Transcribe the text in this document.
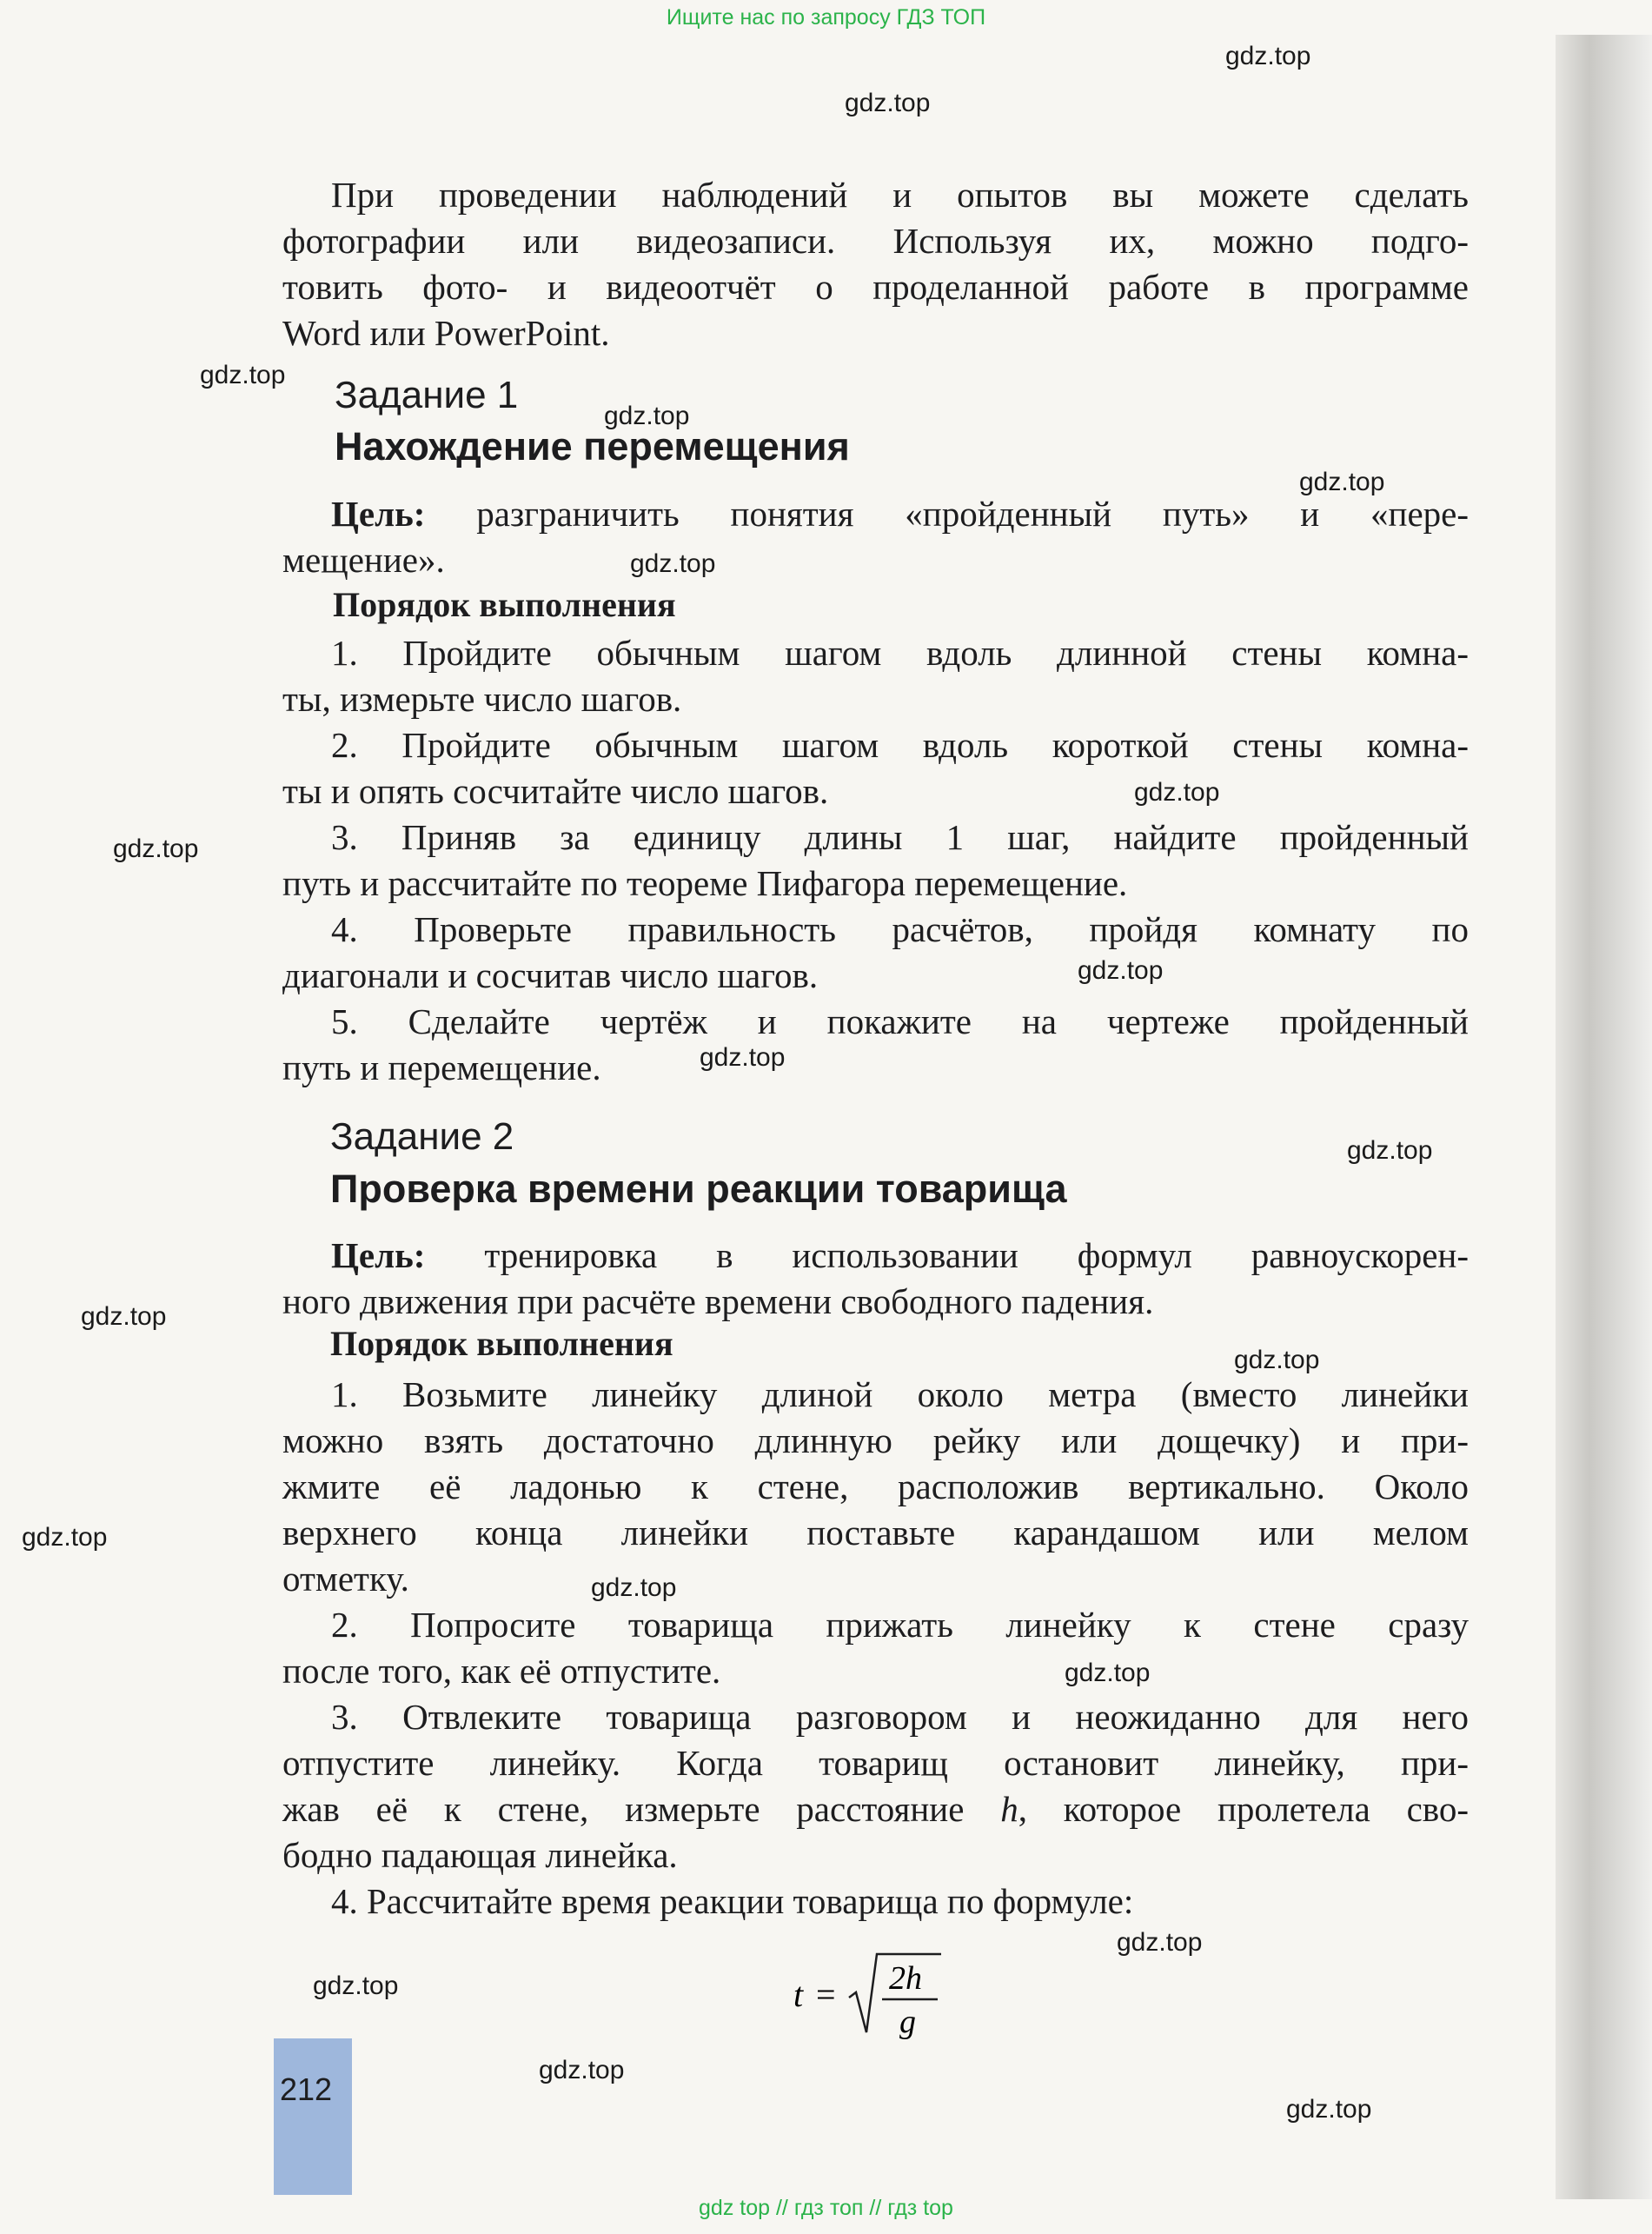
Ищите нас по запросу ГДЗ ТОП
gdz.top
gdz.top
gdz.top
gdz.top
gdz.top
gdz.top
gdz.top
gdz.top
gdz.top
gdz.top
gdz.top
gdz.top
gdz.top
gdz.top
gdz.top
gdz.top
gdz.top
gdz.top
gdz.top
gdz.top
При проведении наблюдений и опытов вы можете сделать
фотографии или видеозаписи. Используя их, можно подго-
товить фото- и видеоотчёт о проделанной работе в программе
Word или PowerPoint.
Задание 1
Нахождение перемещения
Цель: разграничить понятия «пройденный путь» и «пере-
мещение».
Порядок выполнения
1. Пройдите обычным шагом вдоль длинной стены комна-
ты, измерьте число шагов.
2. Пройдите обычным шагом вдоль короткой стены комна-
ты и опять сосчитайте число шагов.
3. Приняв за единицу длины 1 шаг, найдите пройденный
путь и рассчитайте по теореме Пифагора перемещение.
4. Проверьте правильность расчётов, пройдя комнату по
диагонали и сосчитав число шагов.
5. Сделайте чертёж и покажите на чертеже пройденный
путь и перемещение.
Задание 2
Проверка времени реакции товарища
Цель: тренировка в использовании формул равноускорен-
ного движения при расчёте времени свободного падения.
Порядок выполнения
1. Возьмите линейку длиной около метра (вместо линейки
можно взять достаточно длинную рейку или дощечку) и при-
жмите её ладонью к стене, расположив вертикально. Около
верхнего конца линейки поставьте карандашом или мелом
отметку.
2. Попросите товарища прижать линейку к стене сразу
после того, как её отпустите.
3. Отвлеките товарища разговором и неожиданно для него
отпустите линейку. Когда товарищ остановит линейку, при-
жав её к стене, измерьте расстояние h, которое пролетела сво-
бодно падающая линейка.
4. Рассчитайте время реакции товарища по формуле:
t = 2h
g
212
gdz top // гдз топ // гдз top
